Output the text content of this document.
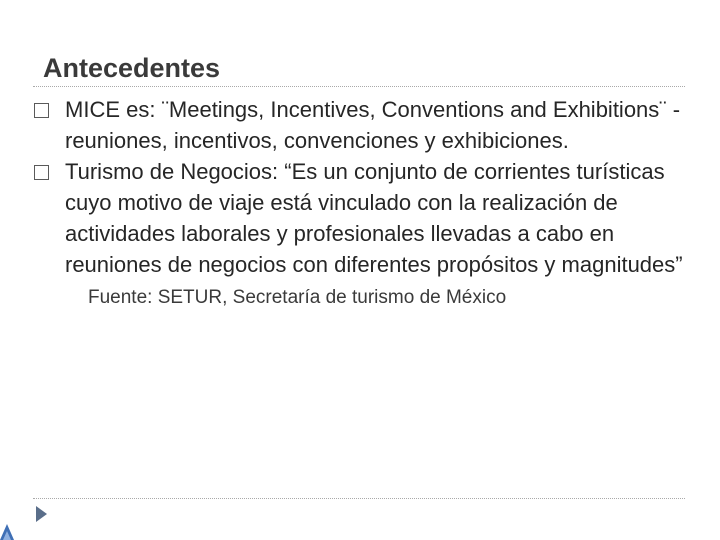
Antecedentes
MICE es: ¨Meetings, Incentives, Conventions and Exhibitions¨ - reuniones, incentivos, convenciones y exhibiciones.
Turismo de Negocios: “Es un conjunto de corrientes turísticas cuyo motivo de viaje está vinculado con la realización de actividades laborales y profesionales llevadas a cabo en reuniones de negocios con diferentes propósitos y magnitudes”
Fuente: SETUR, Secretaría de turismo de México
